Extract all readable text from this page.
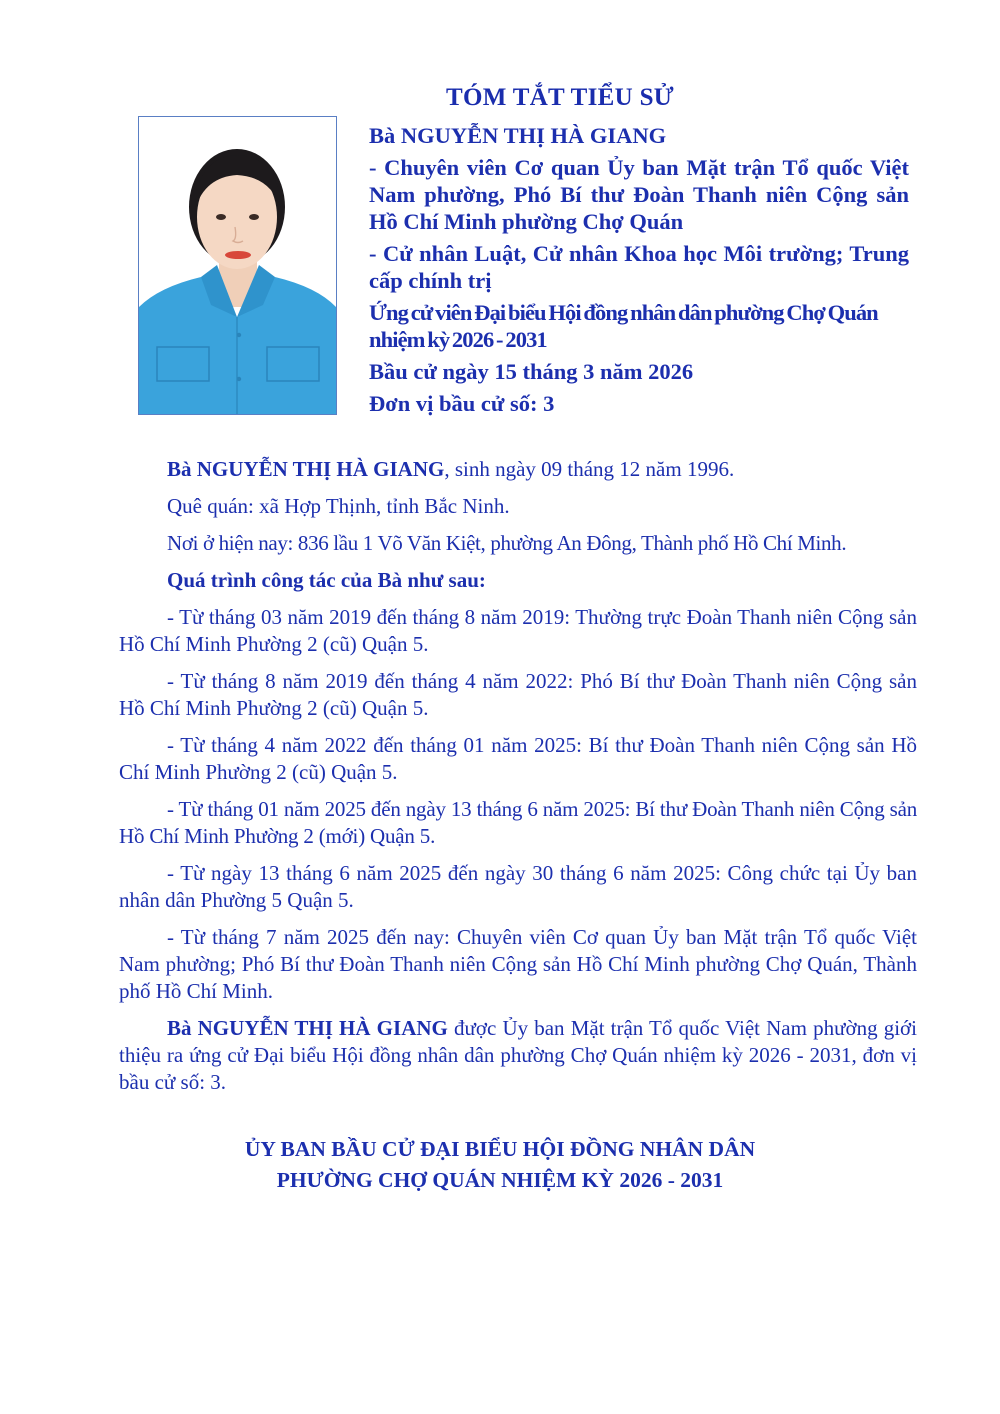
TÓM TẮT TIỂU SỬ
Bà NGUYỄN THỊ HÀ GIANG
- Chuyên viên Cơ quan Ủy ban Mặt trận Tổ quốc Việt Nam phường, Phó Bí thư Đoàn Thanh niên Cộng sản Hồ Chí Minh phường Chợ Quán
- Cử nhân Luật, Cử nhân Khoa học Môi trường; Trung cấp chính trị
Ứng cử viên Đại biểu Hội đồng nhân dân phường Chợ Quán nhiệm kỳ 2026 - 2031
Bầu cử ngày 15 tháng 3 năm 2026
Đơn vị bầu cử số: 3

Bà NGUYỄN THỊ HÀ GIANG, sinh ngày 09 tháng 12 năm 1996.

Quê quán: xã Hợp Thịnh, tỉnh Bắc Ninh.

Nơi ở hiện nay: 836 lầu 1 Võ Văn Kiệt, phường An Đông, Thành phố Hồ Chí Minh.

Quá trình công tác của Bà như sau:

- Từ tháng 03 năm 2019 đến tháng 8 năm 2019: Thường trực Đoàn Thanh niên Cộng sản Hồ Chí Minh Phường 2 (cũ) Quận 5.

- Từ tháng 8 năm 2019 đến tháng 4 năm 2022: Phó Bí thư Đoàn Thanh niên Cộng sản Hồ Chí Minh Phường 2 (cũ) Quận 5.

- Từ tháng 4 năm 2022 đến tháng 01 năm 2025: Bí thư Đoàn Thanh niên Cộng sản Hồ Chí Minh Phường 2 (cũ) Quận 5.

- Từ tháng 01 năm 2025 đến ngày 13 tháng 6 năm 2025: Bí thư Đoàn Thanh niên Cộng sản Hồ Chí Minh Phường 2 (mới) Quận 5.

- Từ ngày 13 tháng 6 năm 2025 đến ngày 30 tháng 6 năm 2025: Công chức tại Ủy ban nhân dân Phường 5 Quận 5.

- Từ tháng 7 năm 2025 đến nay: Chuyên viên Cơ quan Ủy ban Mặt trận Tổ quốc Việt Nam phường; Phó Bí thư Đoàn Thanh niên Cộng sản Hồ Chí Minh phường Chợ Quán, Thành phố Hồ Chí Minh.

Bà NGUYỄN THỊ HÀ GIANG được Ủy ban Mặt trận Tổ quốc Việt Nam phường giới thiệu ra ứng cử Đại biểu Hội đồng nhân dân phường Chợ Quán nhiệm kỳ 2026 - 2031, đơn vị bầu cử số: 3.

ỦY BAN BẦU CỬ ĐẠI BIỂU HỘI ĐỒNG NHÂN DÂN
PHƯỜNG CHỢ QUÁN NHIỆM KỲ 2026 - 2031
